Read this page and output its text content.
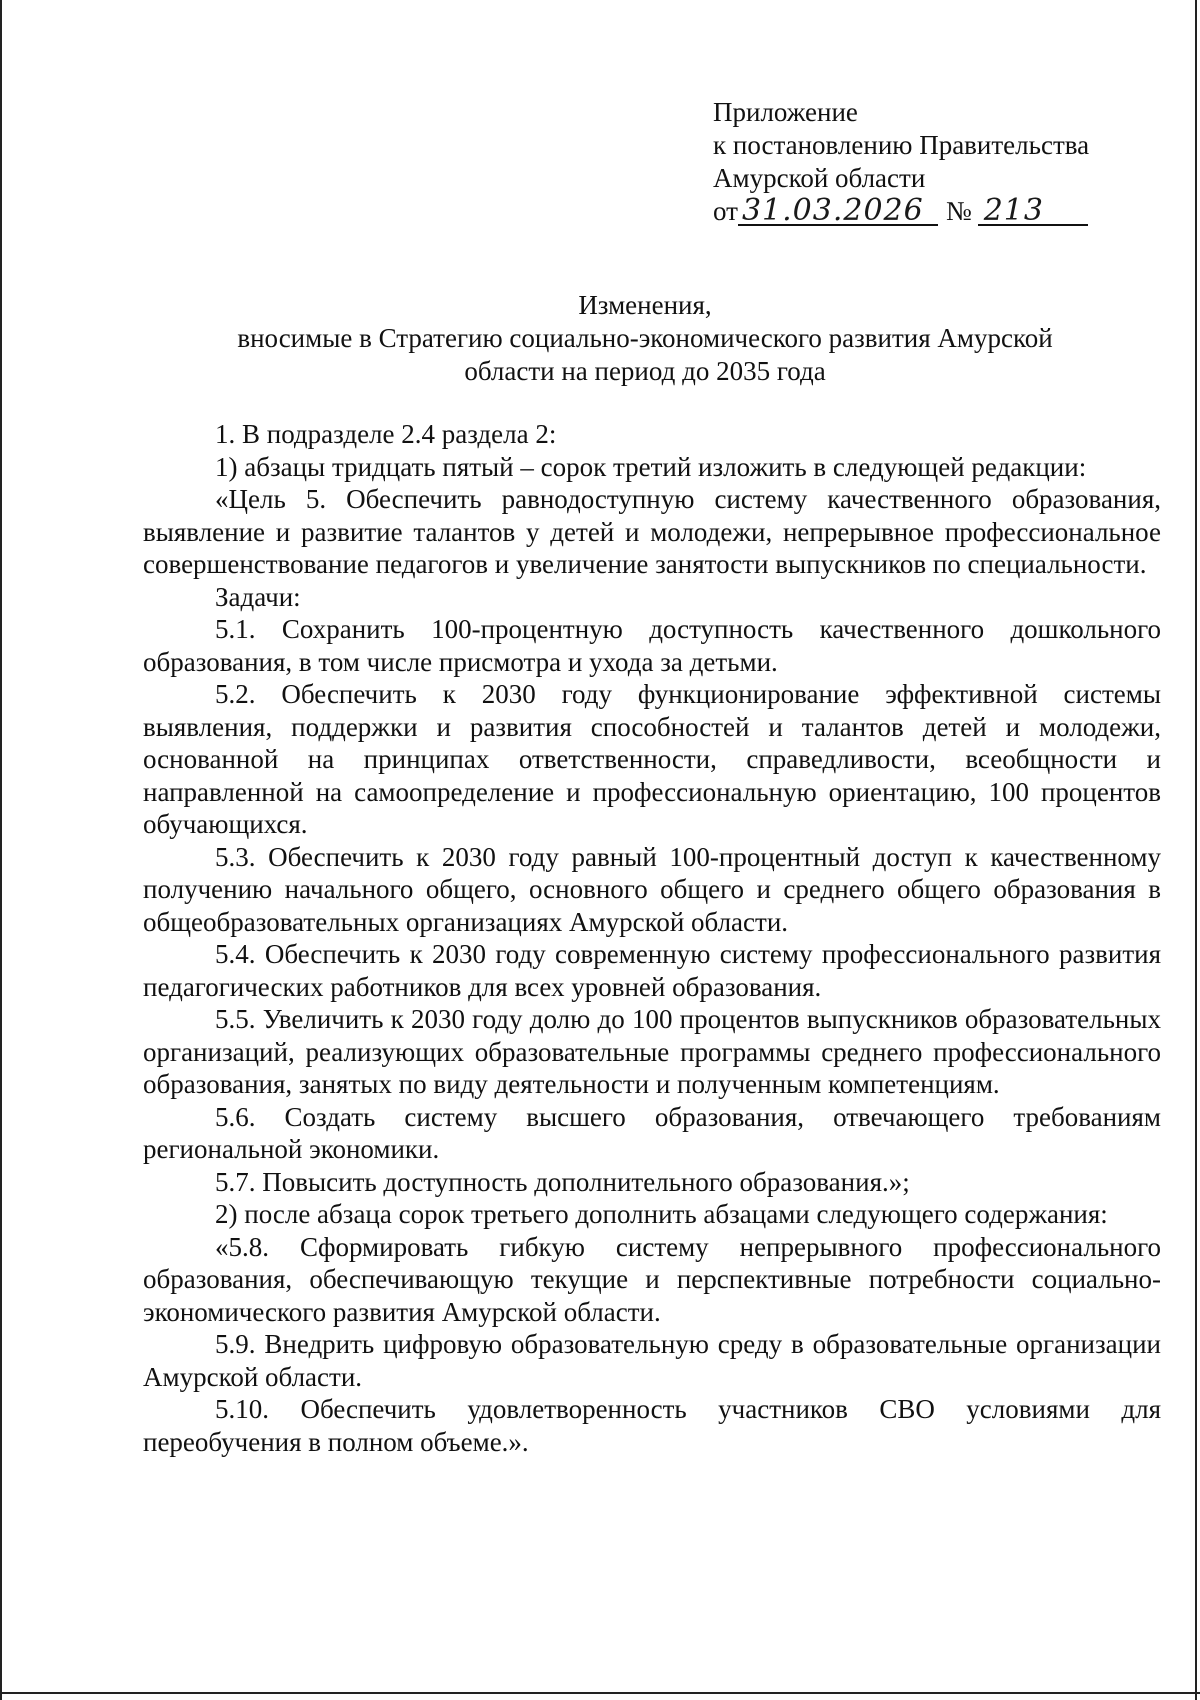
Приложение
к постановлению Правительства
Амурской области
от 31.03.2026 № 213
Изменения,
вносимые в Стратегию социально-экономического развития Амурской
области на период до 2035 года

1. В подразделе 2.4 раздела 2:

1) абзацы тридцать пятый – сорок третий изложить в следующей редакции:

«Цель 5. Обеспечить равнодоступную систему качественного образования, выявление и развитие талантов у детей и молодежи, непрерывное профессиональное совершенствование педагогов и увеличение занятости выпускников по специальности.

Задачи:

5.1. Сохранить 100-процентную доступность качественного дошкольного образования, в том числе присмотра и ухода за детьми.

5.2. Обеспечить к 2030 году функционирование эффективной системы выявления, поддержки и развития способностей и талантов детей и молодежи, основанной на принципах ответственности, справедливости, всеобщности и направленной на самоопределение и профессиональную ориентацию, 100 процентов обучающихся.

5.3. Обеспечить к 2030 году равный 100-процентный доступ к качественному получению начального общего, основного общего и среднего общего образования в общеобразовательных организациях Амурской области.

5.4. Обеспечить к 2030 году современную систему профессионального развития педагогических работников для всех уровней образования.

5.5. Увеличить к 2030 году долю до 100 процентов выпускников образовательных организаций, реализующих образовательные программы среднего профессионального образования, занятых по виду деятельности и полученным компетенциям.

5.6. Создать систему высшего образования, отвечающего требованиям региональной экономики.

5.7. Повысить доступность дополнительного образования.»;

2) после абзаца сорок третьего дополнить абзацами следующего содержания:

«5.8. Сформировать гибкую систему непрерывного профессионального образования, обеспечивающую текущие и перспективные потребности социально-экономического развития Амурской области.

5.9. Внедрить цифровую образовательную среду в образовательные организации Амурской области.

5.10. Обеспечить удовлетворенность участников СВО условиями для переобучения в полном объеме.».
